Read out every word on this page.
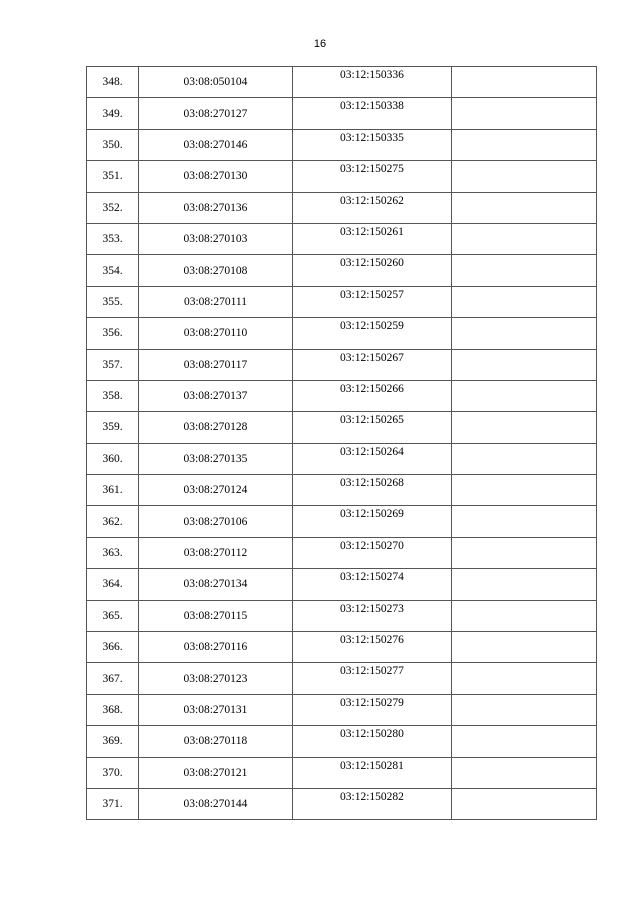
16
348.	03:08:050104	03:12:150336	
349.	03:08:270127	03:12:150338	
350.	03:08:270146	03:12:150335	
351.	03:08:270130	03:12:150275	
352.	03:08:270136	03:12:150262	
353.	03:08:270103	03:12:150261	
354.	03:08:270108	03:12:150260	
355.	03:08:270111	03:12:150257	
356.	03:08:270110	03:12:150259	
357.	03:08:270117	03:12:150267	
358.	03:08:270137	03:12:150266	
359.	03:08:270128	03:12:150265	
360.	03:08:270135	03:12:150264	
361.	03:08:270124	03:12:150268	
362.	03:08:270106	03:12:150269	
363.	03:08:270112	03:12:150270	
364.	03:08:270134	03:12:150274	
365.	03:08:270115	03:12:150273	
366.	03:08:270116	03:12:150276	
367.	03:08:270123	03:12:150277	
368.	03:08:270131	03:12:150279	
369.	03:08:270118	03:12:150280	
370.	03:08:270121	03:12:150281	
371.	03:08:270144	03:12:150282	
